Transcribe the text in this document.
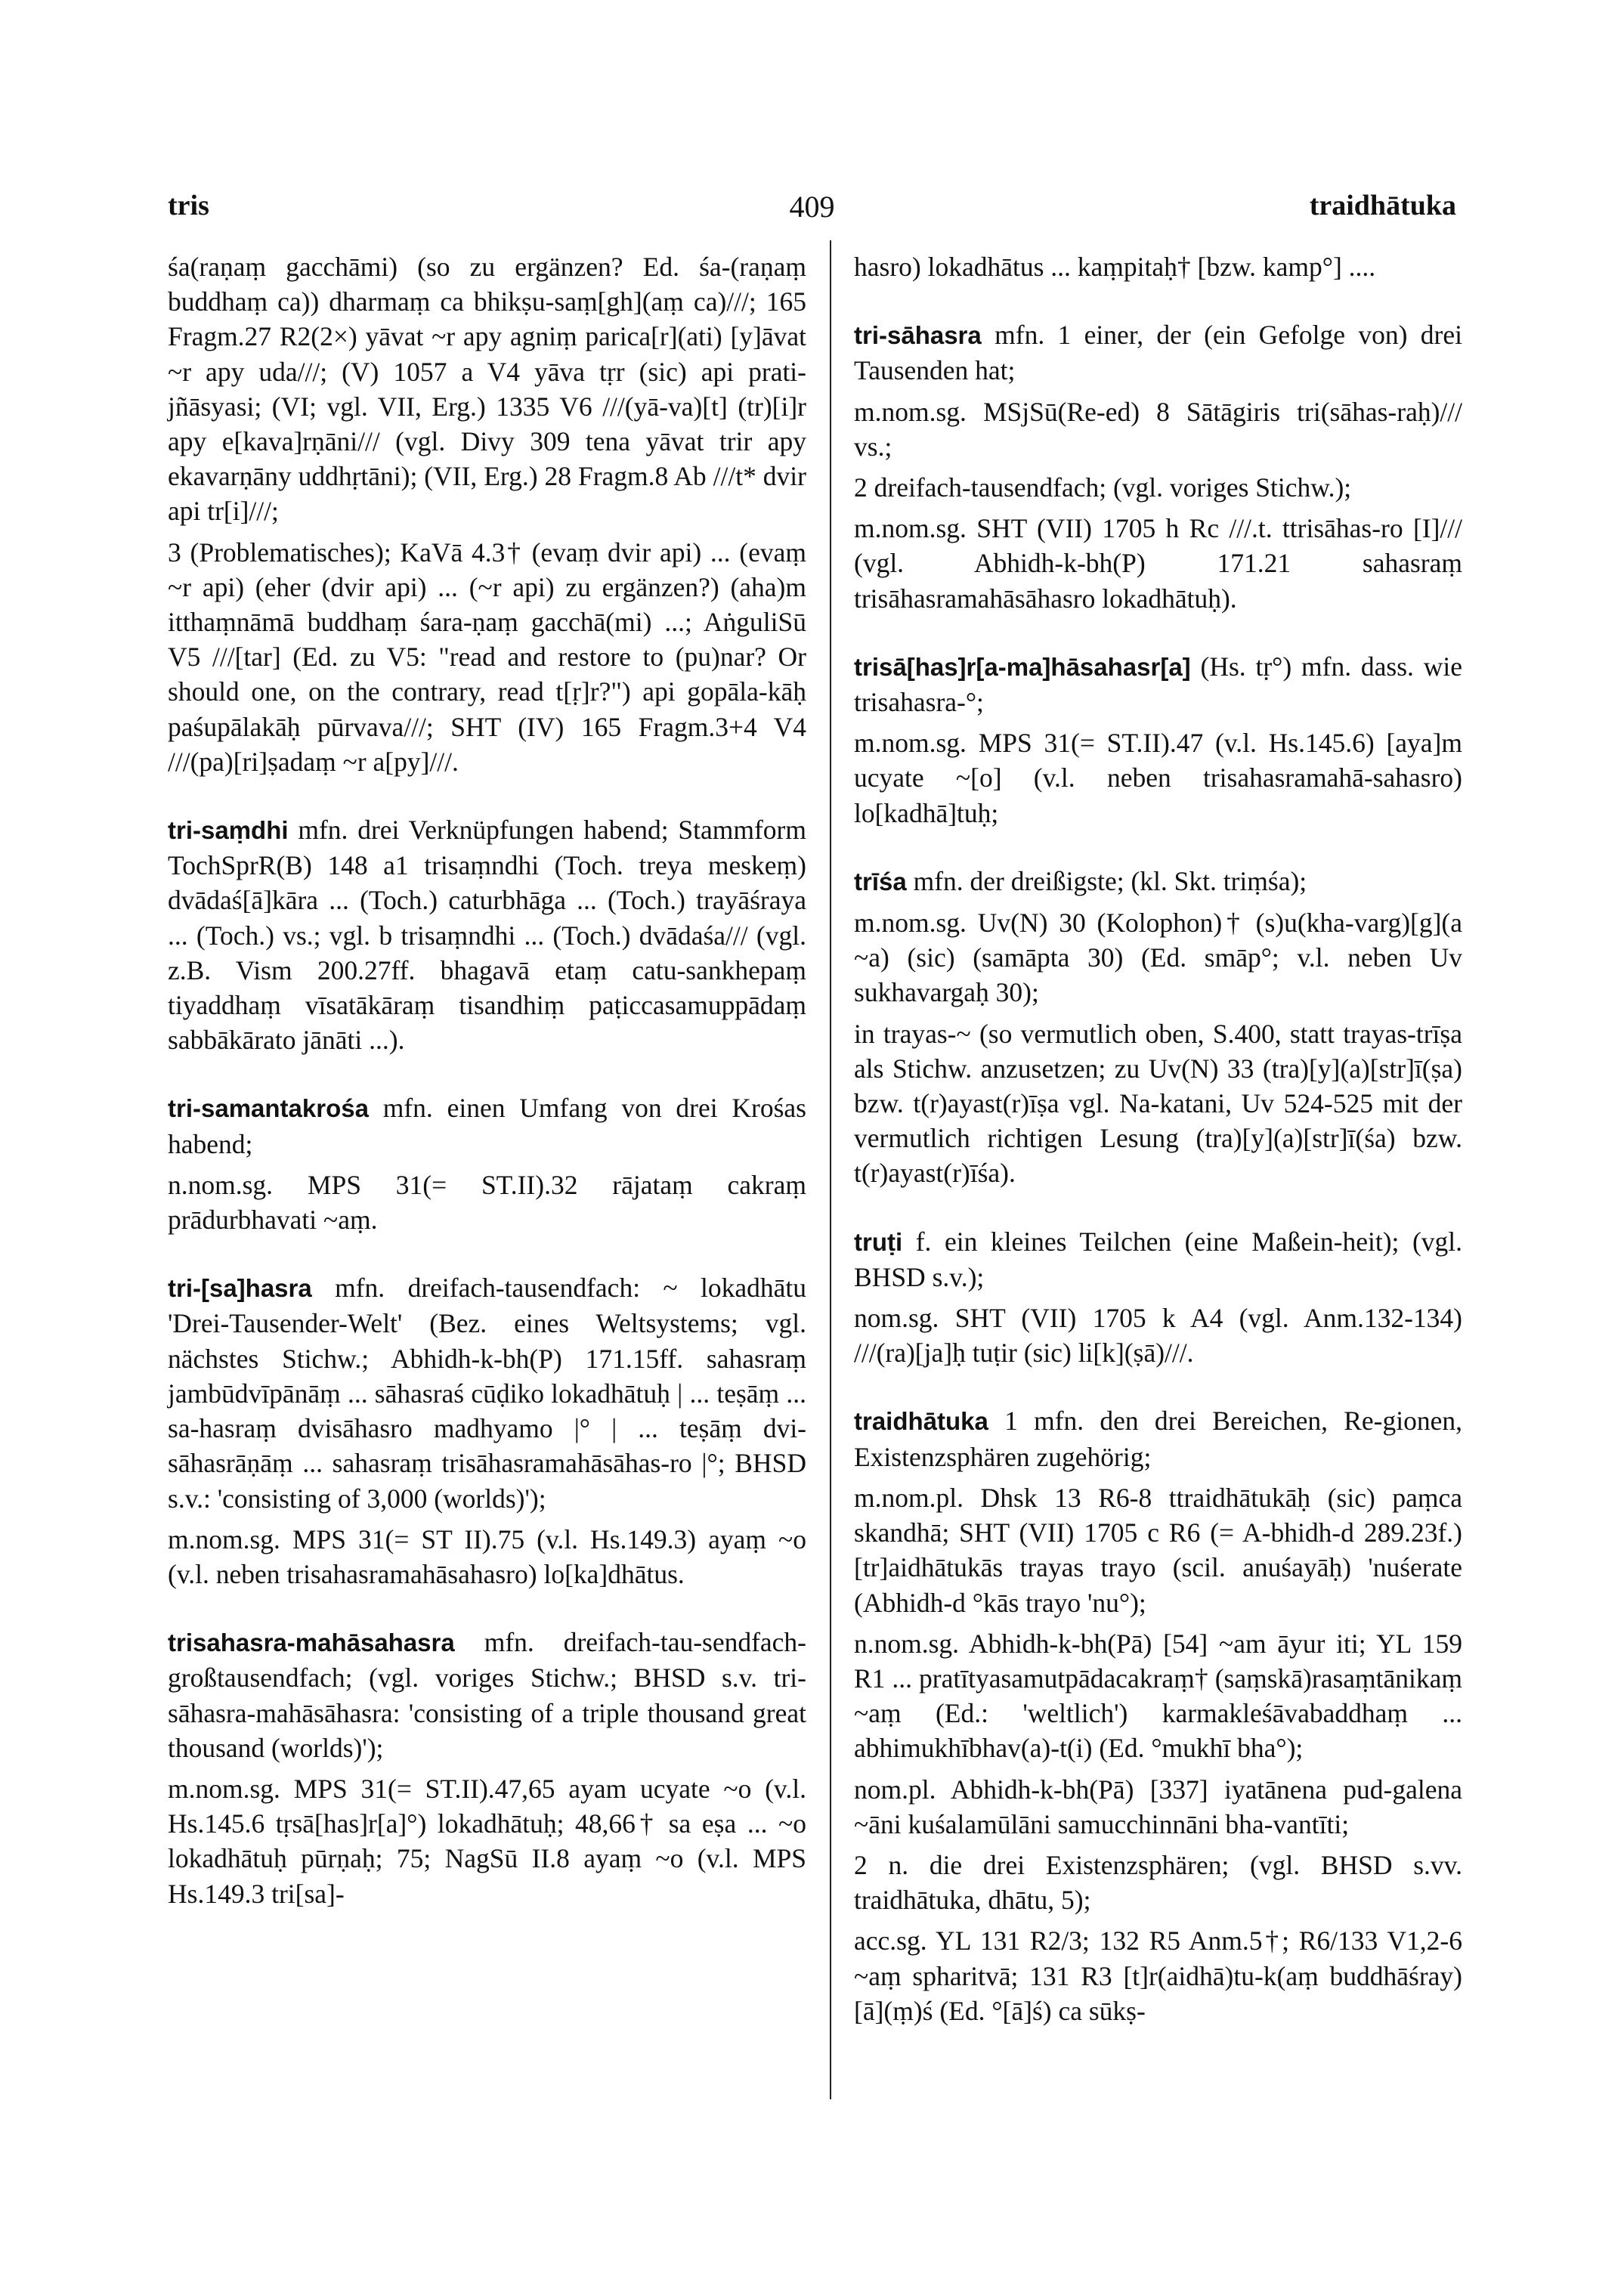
tris	409	traidhātuka

śa(raṇaṃ gacchāmi) (so zu ergänzen? Ed. śa-(raṇaṃ buddhaṃ ca)) dharmaṃ ca bhikṣu-saṃ[gh](aṃ ca)///; 165 Fragm.27 R2(2×) yāvat ~r apy agniṃ parica[r](ati) [y]āvat ~r apy uda///; (V) 1057 a V4 yāva tṛr (sic) api prati-jñāsyasi; (VI; vgl. VII, Erg.) 1335 V6 ///(yā-va)[t] (tr)[i]r apy e[kava]rṇāni/// (vgl. Divy 309 tena yāvat trir apy ekavarṇāny uddhṛtāni); (VII, Erg.) 28 Fragm.8 Ab ///t* dvir api tr[i]///;

3 (Problematisches); KaVā 4.3† (evaṃ dvir api) ... (evaṃ ~r api) (eher (dvir api) ... (~r api) zu ergänzen?) (aha)m itthaṃnāmā buddhaṃ śara-ṇaṃ gacchā(mi) ...; AṅguliSū V5 ///[tar] (Ed. zu V5: "read and restore to (pu)nar? Or should one, on the contrary, read t[ṛ]r?") api gopāla-kāḥ paśupālakāḥ pūrvava///; SHT (IV) 165 Fragm.3+4 V4 ///(pa)[ri]ṣadaṃ ~r a[py]///.

tri-saṃdhi mfn. drei Verknüpfungen habend; Stammform TochSprR(B) 148 a1 trisaṃndhi (Toch. treya meskeṃ) dvādaś[ā]kāra ... (Toch.) caturbhāga ... (Toch.) trayāśraya ... (Toch.) vs.; vgl. b trisaṃndhi ... (Toch.) dvādaśa/// (vgl. z.B. Vism 200.27ff. bhagavā etaṃ catu-sankhepaṃ tiyaddhaṃ vīsatākāraṃ tisandhiṃ paṭiccasamuppādaṃ sabbākārato jānāti ...).

tri-samantakrośa mfn. einen Umfang von drei Krośas habend;

n.nom.sg. MPS 31(= ST.II).32 rājataṃ cakraṃ prādurbhavati ~aṃ.

tri-[sa]hasra mfn. dreifach-tausendfach: ~ lokadhātu 'Drei-Tausender-Welt' (Bez. eines Weltsystems; vgl. nächstes Stichw.; Abhidh-k-bh(P) 171.15ff. sahasraṃ jambūdvīpānāṃ ... sāhasraś cūḍiko lokadhātuḥ | ... teṣāṃ ... sa-hasraṃ dvisāhasro madhyamo |° | ... teṣāṃ dvi-sāhasrāṇāṃ ... sahasraṃ trisāhasramahāsāhas-ro |°; BHSD s.v.: 'consisting of 3,000 (worlds)');

m.nom.sg. MPS 31(= ST II).75 (v.l. Hs.149.3) ayaṃ ~o (v.l. neben trisahasramahāsahasro) lo[ka]dhātus.

trisahasra-mahāsahasra mfn. dreifach-tau-sendfach-großtausendfach; (vgl. voriges Stichw.; BHSD s.v. tri-sāhasra-mahāsāhasra: 'consisting of a triple thousand great thousand (worlds)');

m.nom.sg. MPS 31(= ST.II).47,65 ayam ucyate ~o (v.l. Hs.145.6 tṛsā[has]r[a]°) lokadhātuḥ; 48,66† sa eṣa ... ~o lokadhātuḥ pūrṇaḥ; 75; NagSū II.8 ayaṃ ~o (v.l. MPS Hs.149.3 tri[sa]-

hasro) lokadhātus ... kaṃpitaḥ† [bzw. kamp°] ....

tri-sāhasra mfn. 1 einer, der (ein Gefolge von) drei Tausenden hat;

m.nom.sg. MSjSū(Re-ed) 8 Sātāgiris tri(sāhas-raḥ)/// vs.;

2 dreifach-tausendfach; (vgl. voriges Stichw.);

m.nom.sg. SHT (VII) 1705 h Rc ///.t. ttrisāhas-ro [I]/// (vgl. Abhidh-k-bh(P) 171.21 sahasraṃ trisāhasramahāsāhasro lokadhātuḥ).

trisā[has]r[a-ma]hāsahasr[a] (Hs. tṛ°) mfn. dass. wie trisahasra-°;

m.nom.sg. MPS 31(= ST.II).47 (v.l. Hs.145.6) [aya]m ucyate ~[o] (v.l. neben trisahasramahā-sahasro) lo[kadhā]tuḥ;

trīśa mfn. der dreißigste; (kl. Skt. triṃśa);

m.nom.sg. Uv(N) 30 (Kolophon)† (s)u(kha-varg)[g](a ~a) (sic) (samāpta 30) (Ed. smāp°; v.l. neben Uv sukhavargaḥ 30);

in trayas-~ (so vermutlich oben, S.400, statt trayas-trīṣa als Stichw. anzusetzen; zu Uv(N) 33 (tra)[y](a)[str]ī(ṣa) bzw. t(r)ayast(r)īṣa vgl. Na-katani, Uv 524-525 mit der vermutlich richtigen Lesung (tra)[y](a)[str]ī(śa) bzw. t(r)ayast(r)īśa).

truṭi f. ein kleines Teilchen (eine Maßein-heit); (vgl. BHSD s.v.);

nom.sg. SHT (VII) 1705 k A4 (vgl. Anm.132-134) ///(ra)[ja]ḥ tuṭir (sic) li[k](ṣā)///.

traidhātuka 1 mfn. den drei Bereichen, Re-gionen, Existenzsphären zugehörig;

m.nom.pl. Dhsk 13 R6-8 ttraidhātukāḥ (sic) paṃca skandhā; SHT (VII) 1705 c R6 (= A-bhidh-d 289.23f.) [tr]aidhātukās trayas trayo (scil. anuśayāḥ) 'nuśerate (Abhidh-d °kās trayo 'nu°);

n.nom.sg. Abhidh-k-bh(Pā) [54] ~am āyur iti; YL 159 R1 ... pratītyasamutpādacakraṃ† (saṃskā)rasaṃtānikaṃ ~aṃ (Ed.: 'weltlich') karmakleśāvabaddhaṃ ... abhimukhībhav(a)-t(i) (Ed. °mukhī bha°);

nom.pl. Abhidh-k-bh(Pā) [337] iyatānena pud-galena ~āni kuśalamūlāni samucchinnāni bha-vantīti;

2 n. die drei Existenzsphären; (vgl. BHSD s.vv. traidhātuka, dhātu, 5);

acc.sg. YL 131 R2/3; 132 R5 Anm.5†; R6/133 V1,2-6 ~aṃ spharitvā; 131 R3 [t]r(aidhā)tu-k(aṃ buddhāśray)[ā](ṃ)ś (Ed. °[ā]ś) ca sūkṣ-
